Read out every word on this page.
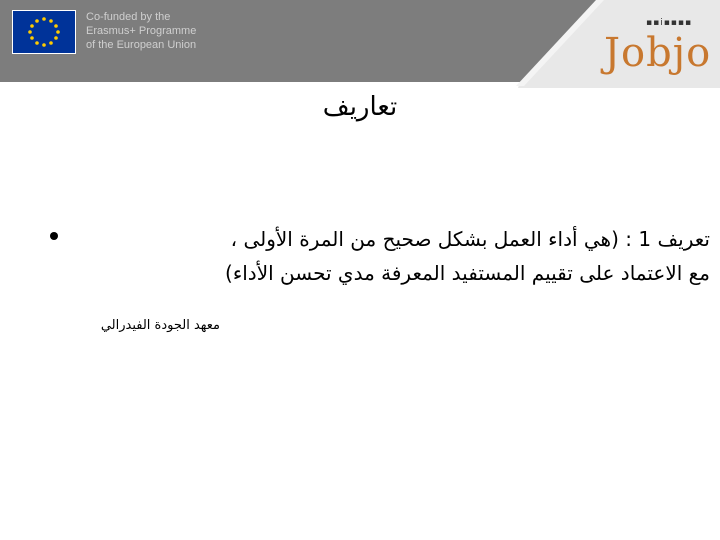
Co-funded by the
Erasmus+ Programme
of the European Union
▪▪i▪▪▪▪
Jobjo
تعاريف
تعريف 1 : (هي أداء العمل بشكل صحيح من المرة الأولى ،
مع الاعتماد على تقييم المستفيد المعرفة مدي تحسن الأداء)
معهد الجودة الفيدرالي
